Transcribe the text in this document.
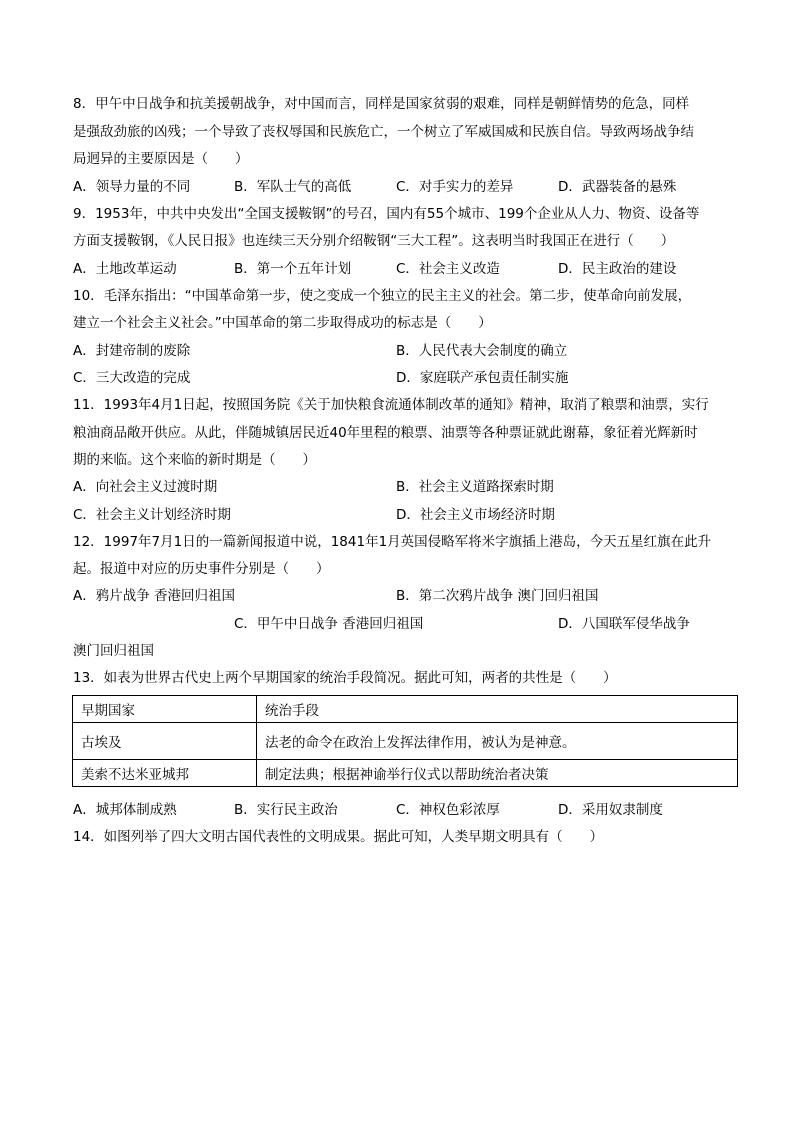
8．甲午中日战争和抗美援朝战争，对中国而言，同样是国家贫弱的艰难，同样是朝鲜情势的危急，同样
是强敌劲旅的凶残；一个导致了丧权辱国和民族危亡，一个树立了军威国威和民族自信。导致两场战争结
局迥异的主要原因是（　　）
A．领导力量的不同	B．军队士气的高低	C．对手实力的差异	D．武器装备的悬殊
9．1953年，中共中央发出“全国支援鞍钢”的号召，国内有55个城市、199个企业从人力、物资、设备等
方面支援鞍钢，《人民日报》也连续三天分别介绍鞍钢“三大工程”。这表明当时我国正在进行（　　）
A．土地改革运动	B．第一个五年计划	C．社会主义改造	D．民主政治的建设
10．毛泽东指出：“中国革命第一步，使之变成一个独立的民主主义的社会。第二步，使革命向前发展，
建立一个社会主义社会。”中国革命的第二步取得成功的标志是（　　）
A．封建帝制的废除	B．人民代表大会制度的确立
C．三大改造的完成	D．家庭联产承包责任制实施
11．1993年4月1日起，按照国务院《关于加快粮食流通体制改革的通知》精神，取消了粮票和油票，实行
粮油商品敞开供应。从此，伴随城镇居民近40年里程的粮票、油票等各种票证就此谢幕，象征着光辉新时
期的来临。这个来临的新时期是（　　）
A．向社会主义过渡时期	B．社会主义道路探索时期
C．社会主义计划经济时期	D．社会主义市场经济时期
12．1997年7月1日的一篇新闻报道中说，1841年1月英国侵略军将米字旗插上港岛，今天五星红旗在此升
起。报道中对应的历史事件分别是（　　）
A．鸦片战争 香港回归祖国	B．第二次鸦片战争 澳门回归祖国
C．甲午中日战争 香港回归祖国	D．八国联军侵华战争
澳门回归祖国
13．如表为世界古代史上两个早期国家的统治手段简况。据此可知，两者的共性是（　　）
早期国家	统治手段
古埃及	法老的命令在政治上发挥法律作用，被认为是神意。
美索不达米亚城邦	制定法典；根据神谕举行仪式以帮助统治者决策
A．城邦体制成熟	B．实行民主政治	C．神权色彩浓厚	D．采用奴隶制度
14．如图列举了四大文明古国代表性的文明成果。据此可知，人类早期文明具有（　　）
